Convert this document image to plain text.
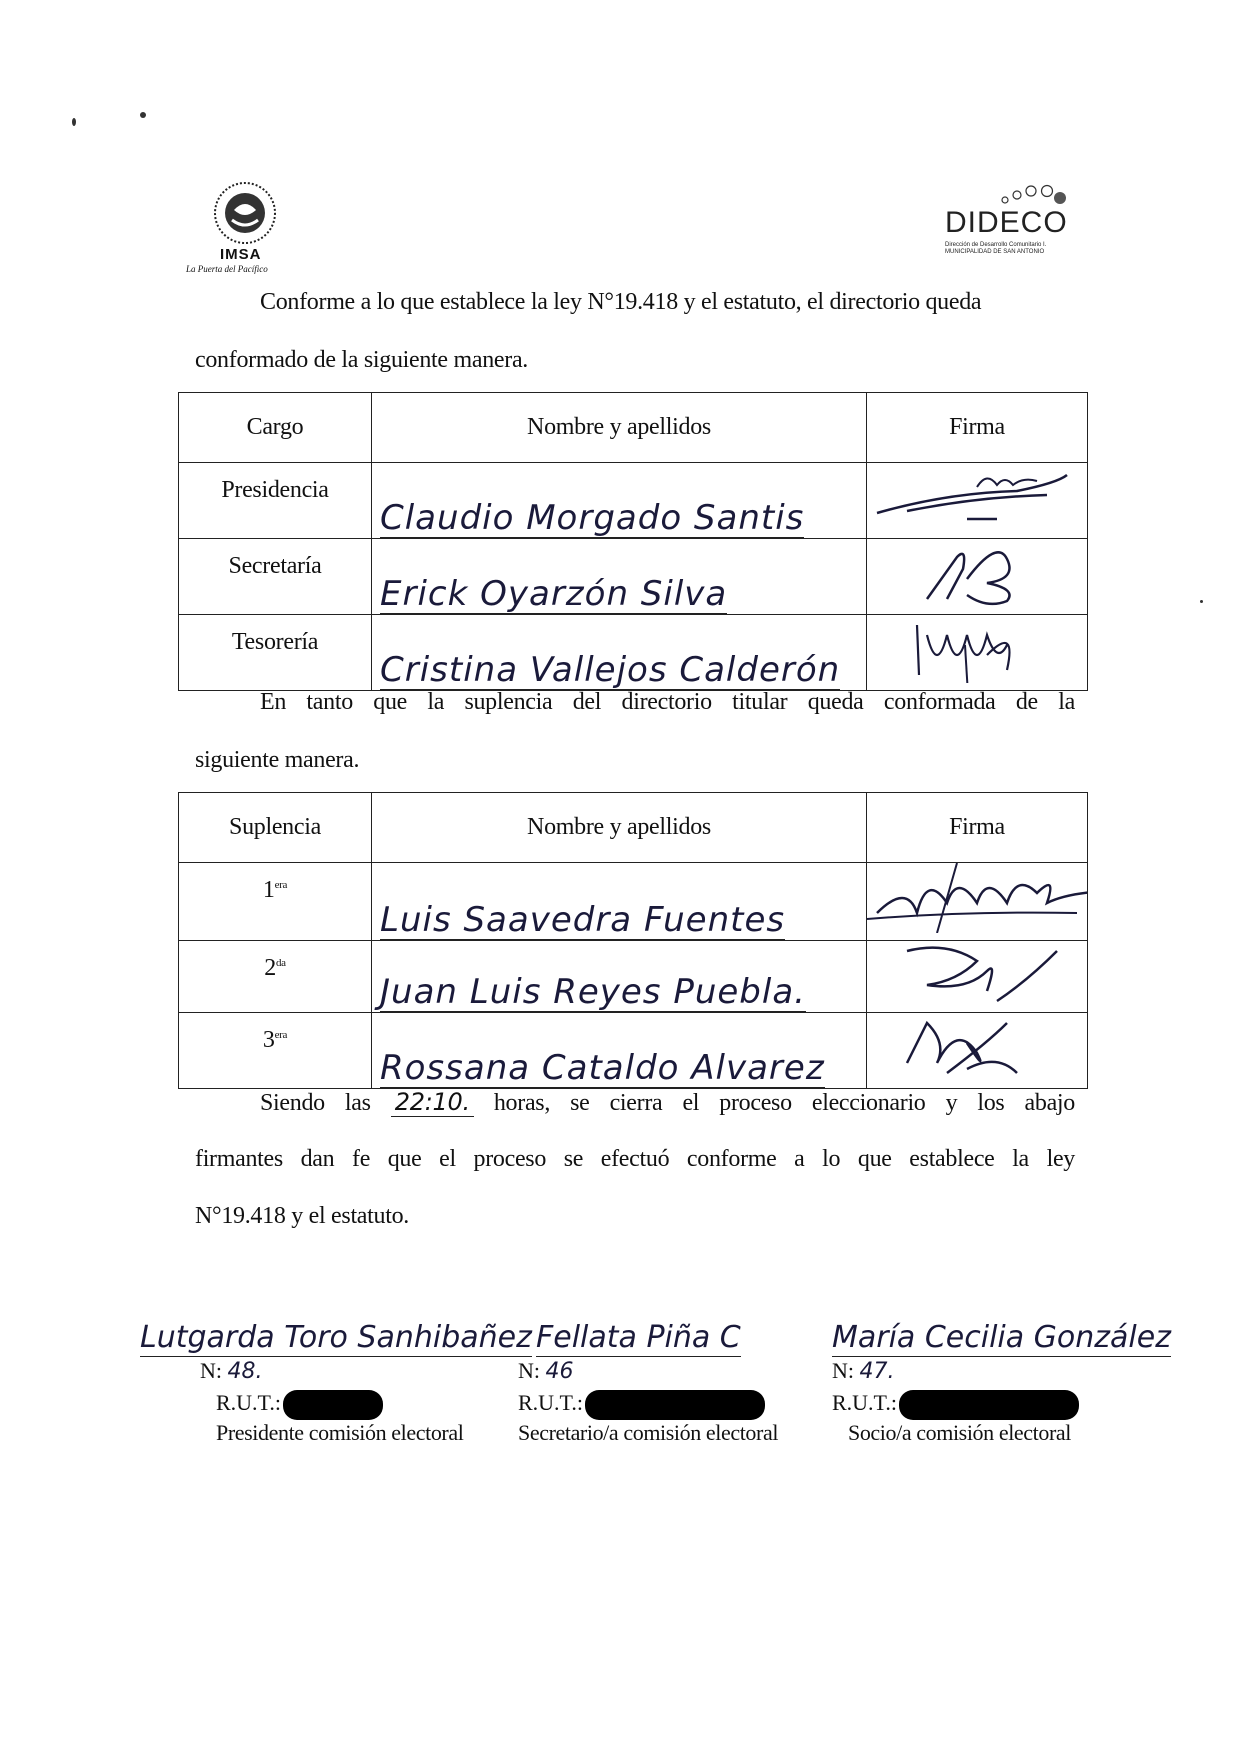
IMSA
La Puerta del Pacífico
DIDECO
Dirección de Desarrollo Comunitario I. MUNICIPALIDAD DE SAN ANTONIO
Conforme a lo que establece la ley N°19.418 y el estatuto, el directorio queda
conformado de la siguiente manera.
Cargo	Nombre y apellidos	Firma
Presidencia	Claudio Morgado Santis	
Secretaría	Erick Oyarzón Silva	
Tesorería	Cristina Vallejos Calderón	
En tanto que la suplencia del directorio titular queda conformada de la
siguiente manera.
Suplencia	Nombre y apellidos	Firma
$1^{era}$	Luis Saavedra Fuentes	
$2^{da}$	Juan Luis Reyes Puebla.	
$3^{era}$	Rossana Cataldo Alvarez	
Siendo las 22:10. horas, se cierra el proceso eleccionario y los abajo
firmantes dan fe que el proceso se efectuó conforme a lo que establece la ley
N°19.418 y el estatuto.
Lutgarda Toro Sanhibañez
N: 48.
R.U.T.:
Presidente comisión electoral
Fellata Piña C
N: 46
R.U.T.:
Secretario/a comisión electoral
María Cecilia González
N: 47.
R.U.T.:
Socio/a comisión electoral
